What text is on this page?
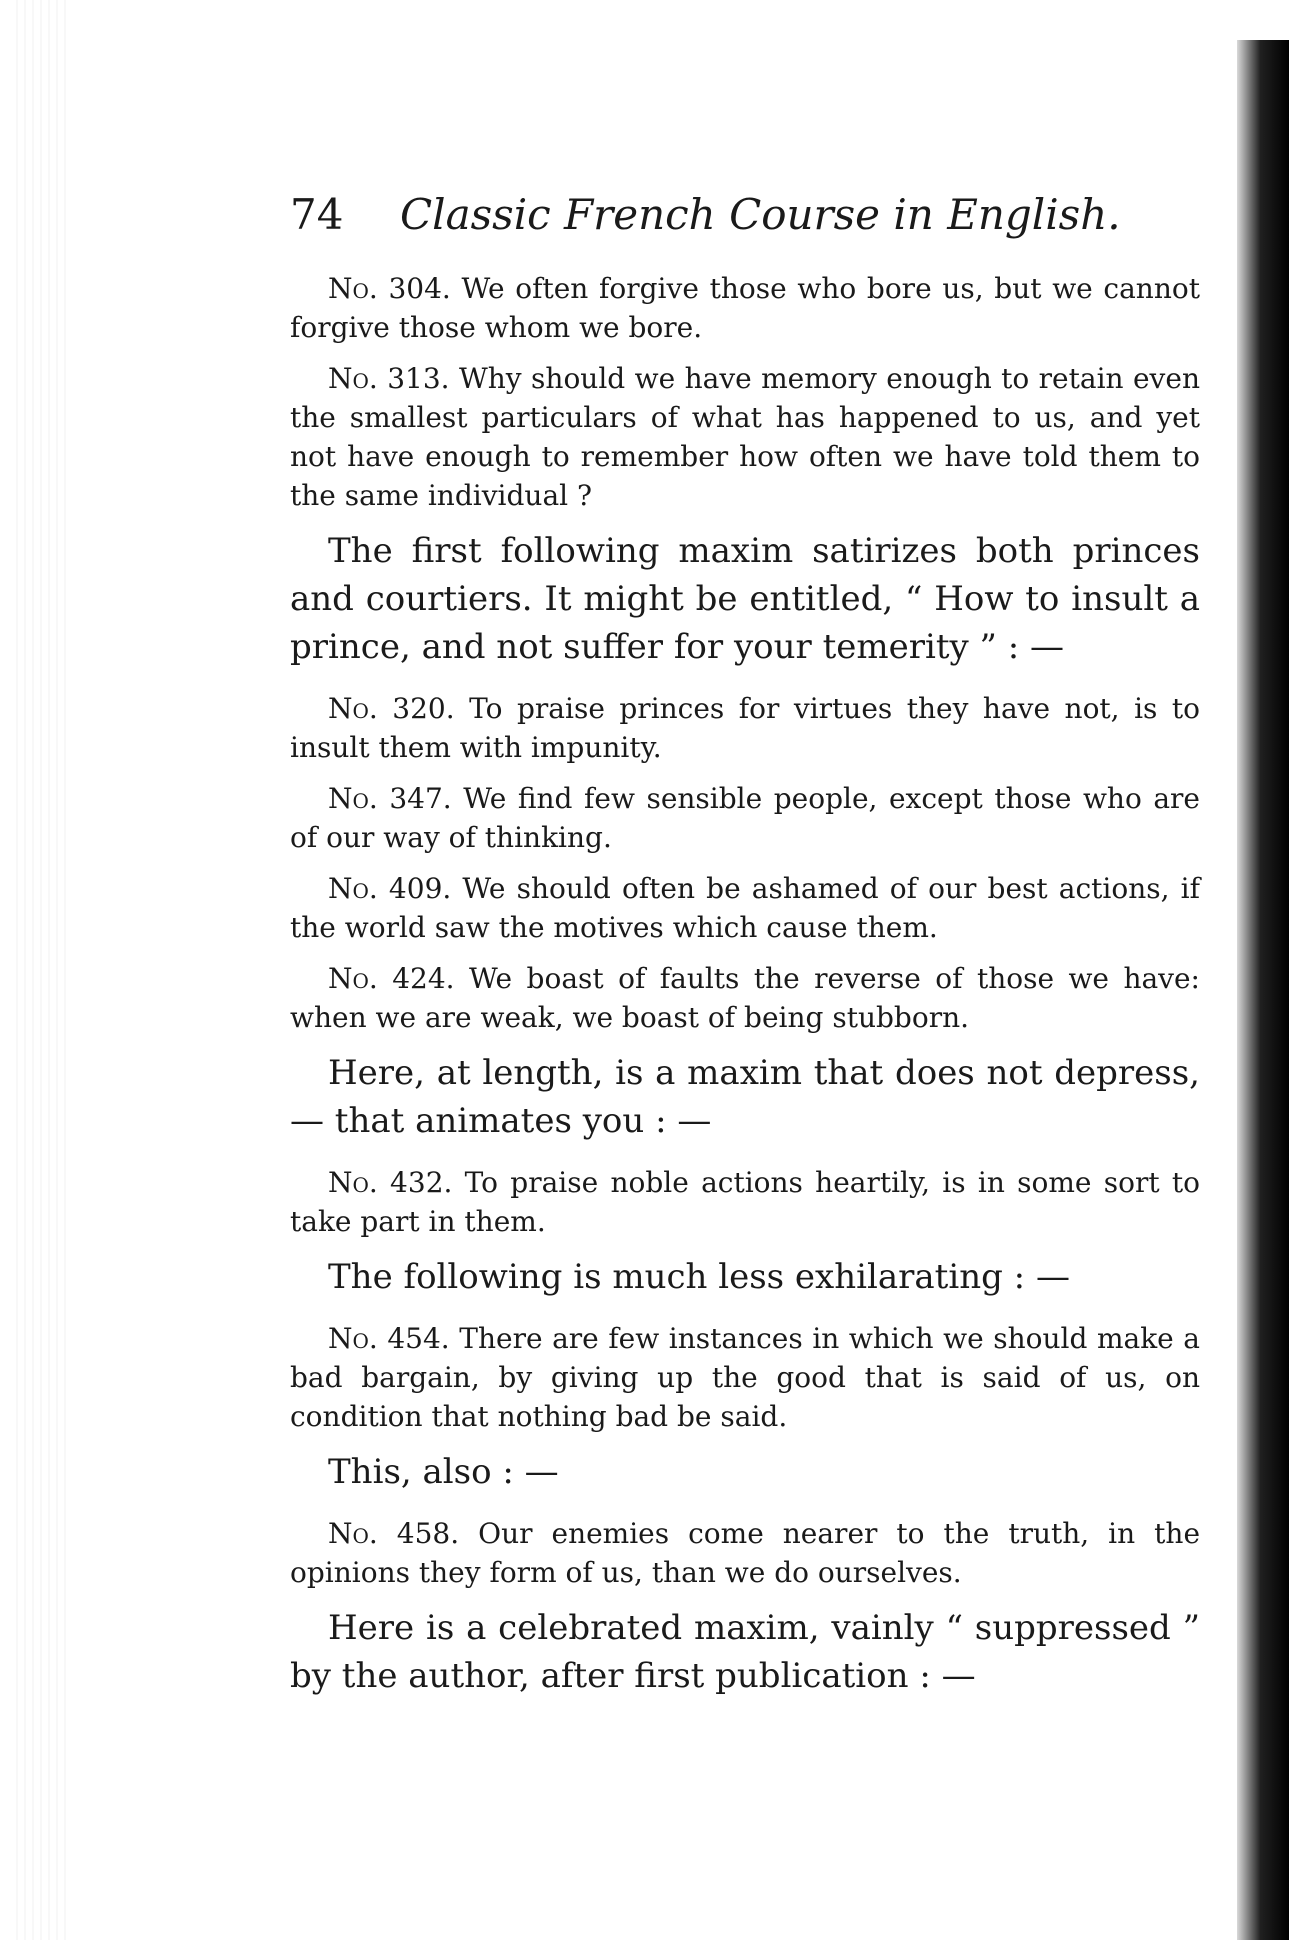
74	Classic French Course in English.

No. 304. We often forgive those who bore us, but we cannot forgive those whom we bore.

No. 313. Why should we have memory enough to retain even the smallest particulars of what has happened to us, and yet not have enough to remember how often we have told them to the same individual ?

The first following maxim satirizes both princes and courtiers. It might be entitled, “ How to insult a prince, and not suffer for your temerity ” : —

No. 320. To praise princes for virtues they have not, is to insult them with impunity.

No. 347. We find few sensible people, except those who are of our way of thinking.

No. 409. We should often be ashamed of our best actions, if the world saw the motives which cause them.

No. 424. We boast of faults the reverse of those we have: when we are weak, we boast of being stubborn.

Here, at length, is a maxim that does not depress, — that animates you : —

No. 432. To praise noble actions heartily, is in some sort to take part in them.

The following is much less exhilarating : —

No. 454. There are few instances in which we should make a bad bargain, by giving up the good that is said of us, on condition that nothing bad be said.

This, also : —

No. 458. Our enemies come nearer to the truth, in the opinions they form of us, than we do ourselves.

Here is a celebrated maxim, vainly “ suppressed ” by the author, after first publication : —
